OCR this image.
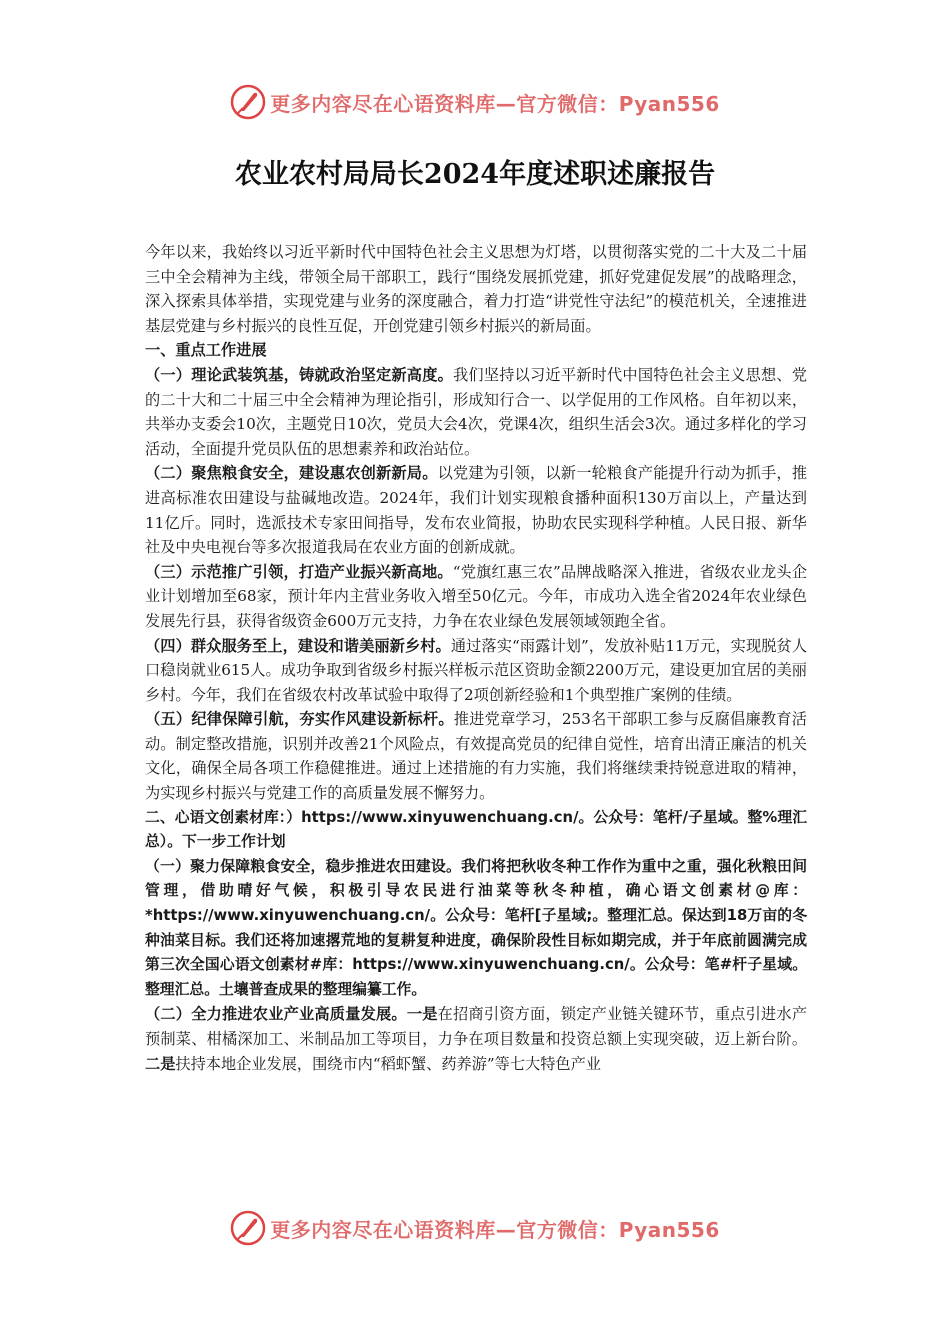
更多内容尽在心语资料库—官方微信：Pyan556
农业农村局局长2024年度述职述廉报告

今年以来，我始终以习近平新时代中国特色社会主义思想为灯塔，以贯彻落实党的二十大及二十届三中全会精神为主线，带领全局干部职工，践行“围绕发展抓党建，抓好党建促发展”的战略理念，深入探索具体举措，实现党建与业务的深度融合，着力打造“讲党性守法纪”的模范机关，全速推进基层党建与乡村振兴的良性互促，开创党建引领乡村振兴的新局面。

一、重点工作进展

（一）理论武装筑基，铸就政治坚定新高度。我们坚持以习近平新时代中国特色社会主义思想、党的二十大和二十届三中全会精神为理论指引，形成知行合一、以学促用的工作风格。自年初以来，共举办支委会10次，主题党日10次，党员大会4次，党课4次，组织生活会3次。通过多样化的学习活动，全面提升党员队伍的思想素养和政治站位。

（二）聚焦粮食安全，建设惠农创新新局。以党建为引领，以新一轮粮食产能提升行动为抓手，推进高标准农田建设与盐碱地改造。2024年，我们计划实现粮食播种面积130万亩以上，产量达到11亿斤。同时，选派技术专家田间指导，发布农业简报，协助农民实现科学种植。人民日报、新华社及中央电视台等多次报道我局在农业方面的创新成就。

（三）示范推广引领，打造产业振兴新高地。“党旗红惠三农”品牌战略深入推进，省级农业龙头企业计划增加至68家，预计年内主营业务收入增至50亿元。今年，市成功入选全省2024年农业绿色发展先行县，获得省级资金600万元支持，力争在农业绿色发展领域领跑全省。

（四）群众服务至上，建设和谐美丽新乡村。通过落实“雨露计划”，发放补贴11万元，实现脱贫人口稳岗就业615人。成功争取到省级乡村振兴样板示范区资助金额2200万元，建设更加宜居的美丽乡村。今年，我们在省级农村改革试验中取得了2项创新经验和1个典型推广案例的佳绩。

（五）纪律保障引航，夯实作风建设新标杆。推进党章学习，253名干部职工参与反腐倡廉教育活动。制定整改措施，识别并改善21个风险点，有效提高党员的纪律自觉性，培育出清正廉洁的机关文化，确保全局各项工作稳健推进。通过上述措施的有力实施，我们将继续秉持锐意进取的精神，为实现乡村振兴与党建工作的高质量发展不懈努力。

二、心语文创素材库：）https://www.xinyuwenchuang.cn/。公众号：笔杆/子星域。整%理汇总）。下一步工作计划

（一）聚力保障粮食安全，稳步推进农田建设。我们将把秋收冬种工作作为重中之重，强化秋粮田间管理，借助晴好气候，积极引导农民进行油菜等秋冬种植，确心语文创素材@库：*https://www.xinyuwenchuang.cn/。公众号：笔杆[子星域;。整理汇总。保达到18万亩的冬种油菜目标。我们还将加速撂荒地的复耕复种进度，确保阶段性目标如期完成，并于年底前圆满完成第三次全国心语文创素材#库：https://www.xinyuwenchuang.cn/。公众号：笔#杆子星域。整理汇总。土壤普查成果的整理编纂工作。

（二）全力推进农业产业高质量发展。一是在招商引资方面，锁定产业链关键环节，重点引进水产预制菜、柑橘深加工、米制品加工等项目，力争在项目数量和投资总额上实现突破，迈上新台阶。二是扶持本地企业发展，围绕市内“稻虾蟹、药养游”等七大特色产业

更多内容尽在心语资料库—官方微信：Pyan556
